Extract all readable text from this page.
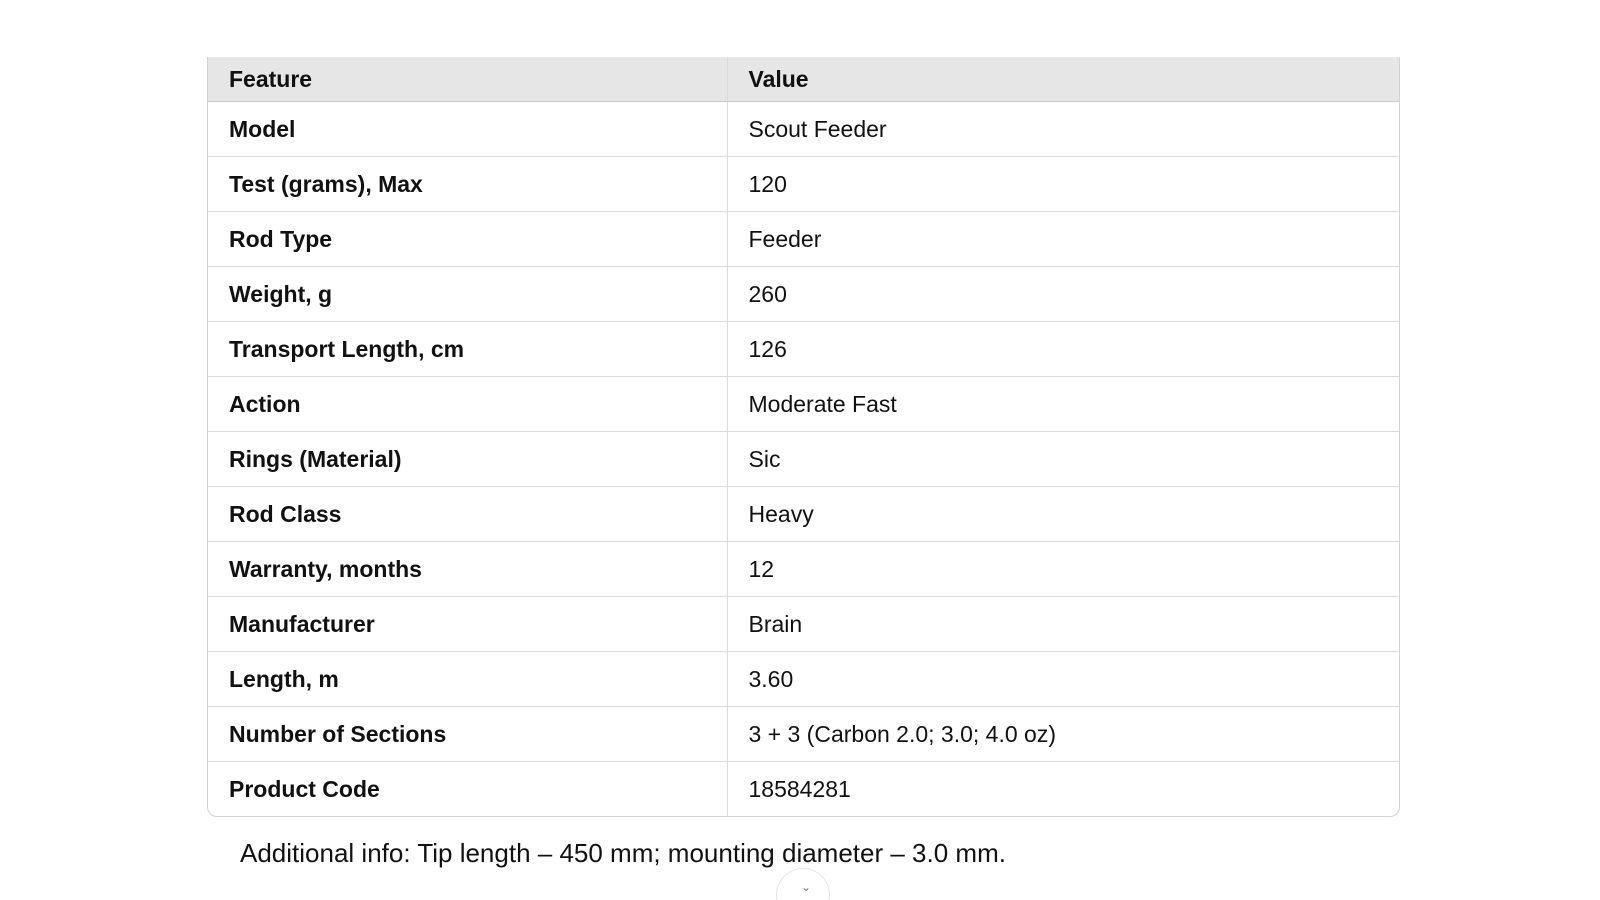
Feature	Value
Model	Scout Feeder
Test (grams), Max	120
Rod Type	Feeder
Weight, g	260
Transport Length, cm	126
Action	Moderate Fast
Rings (Material)	Sic
Rod Class	Heavy
Warranty, months	12
Manufacturer	Brain
Length, m	3.60
Number of Sections	3 + 3 (Carbon 2.0; 3.0; 4.0 oz)
Product Code	18584281
Additional info: Tip length – 450 mm; mounting diameter – 3.0 mm.
⌄
